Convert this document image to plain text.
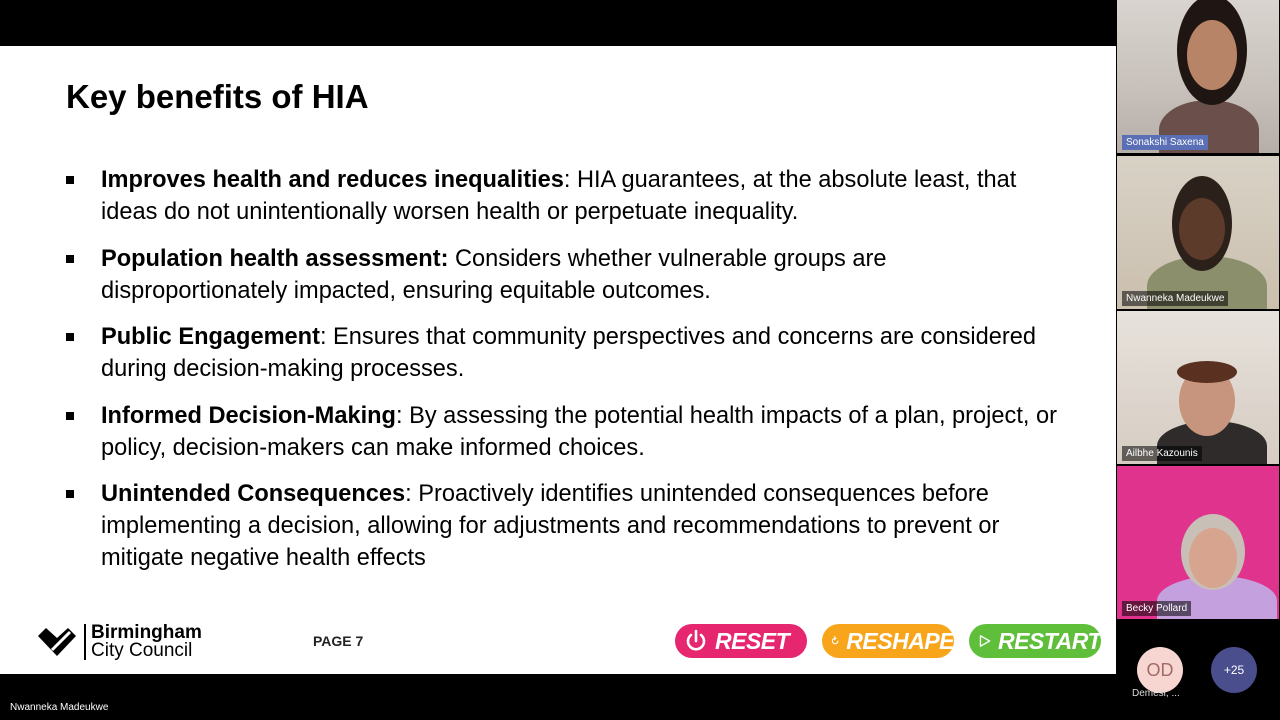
Key benefits of HIA
Improves health and reduces inequalities: HIA guarantees, at the absolute least, that ideas do not unintentionally worsen health or perpetuate inequality.
Population health assessment: Considers whether vulnerable groups are disproportionately impacted, ensuring equitable outcomes.
Public Engagement: Ensures that community perspectives and concerns are considered during decision-making processes.
Informed Decision-Making: By assessing the potential health impacts of a plan, project, or policy, decision-makers can make informed choices.
Unintended Consequences: Proactively identifies unintended consequences before implementing a decision, allowing for adjustments and recommendations to prevent or mitigate negative health effects
Birmingham
City Council	PAGE 7	RESET RESHAPE RESTART
Sonakshi Saxena
Nwanneka Madeukwe
Ailbhe Kazounis
Becky Pollard
OD
Demesi, ...
+25
Nwanneka Madeukwe
